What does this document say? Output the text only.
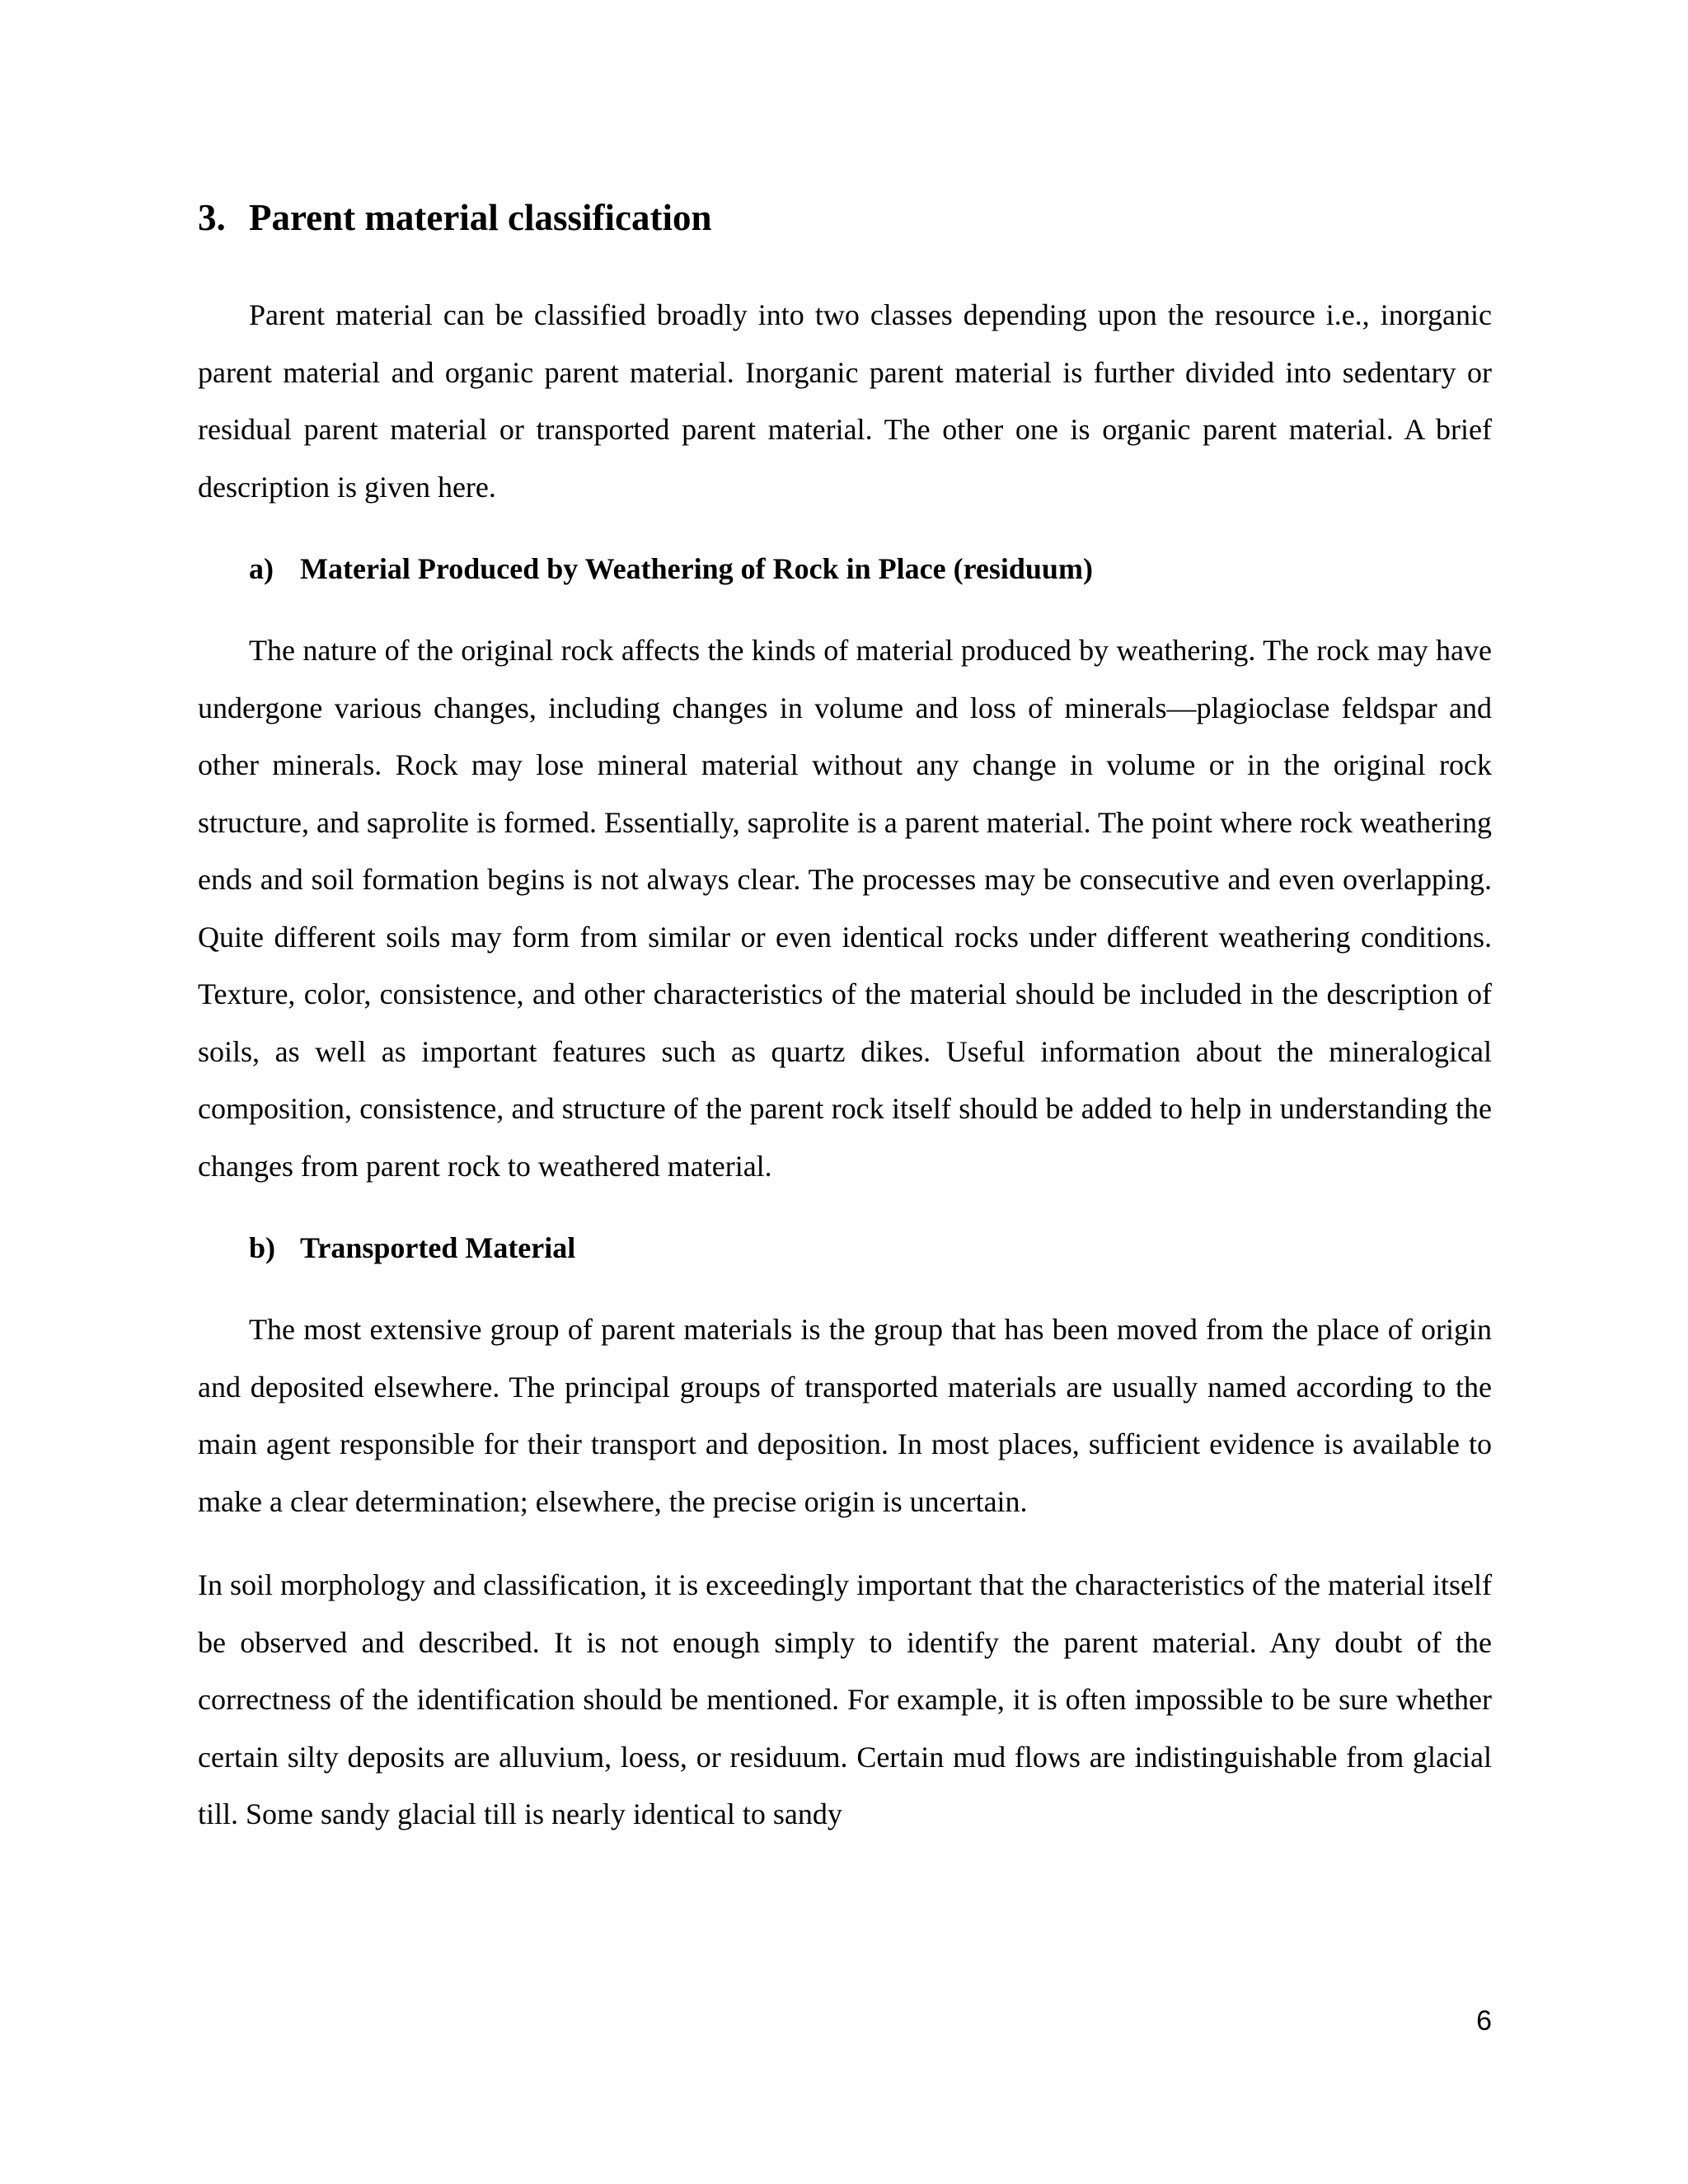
3. Parent material classification

Parent material can be classified broadly into two classes depending upon the resource i.e., inorganic parent material and organic parent material. Inorganic parent material is further divided into sedentary or residual parent material or transported parent material. The other one is organic parent material. A brief description is given here.

a) Material Produced by Weathering of Rock in Place (residuum)

The nature of the original rock affects the kinds of material produced by weathering. The rock may have undergone various changes, including changes in volume and loss of minerals—plagioclase feldspar and other minerals. Rock may lose mineral material without any change in volume or in the original rock structure, and saprolite is formed. Essentially, saprolite is a parent material. The point where rock weathering ends and soil formation begins is not always clear. The processes may be consecutive and even overlapping. Quite different soils may form from similar or even identical rocks under different weathering conditions. Texture, color, consistence, and other characteristics of the material should be included in the description of soils, as well as important features such as quartz dikes. Useful information about the mineralogical composition, consistence, and structure of the parent rock itself should be added to help in understanding the changes from parent rock to weathered material.

b) Transported Material

The most extensive group of parent materials is the group that has been moved from the place of origin and deposited elsewhere. The principal groups of transported materials are usually named according to the main agent responsible for their transport and deposition. In most places, sufficient evidence is available to make a clear determination; elsewhere, the precise origin is uncertain.

In soil morphology and classification, it is exceedingly important that the characteristics of the material itself be observed and described. It is not enough simply to identify the parent material. Any doubt of the correctness of the identification should be mentioned. For example, it is often impossible to be sure whether certain silty deposits are alluvium, loess, or residuum. Certain mud flows are indistinguishable from glacial till. Some sandy glacial till is nearly identical to sandy

6
